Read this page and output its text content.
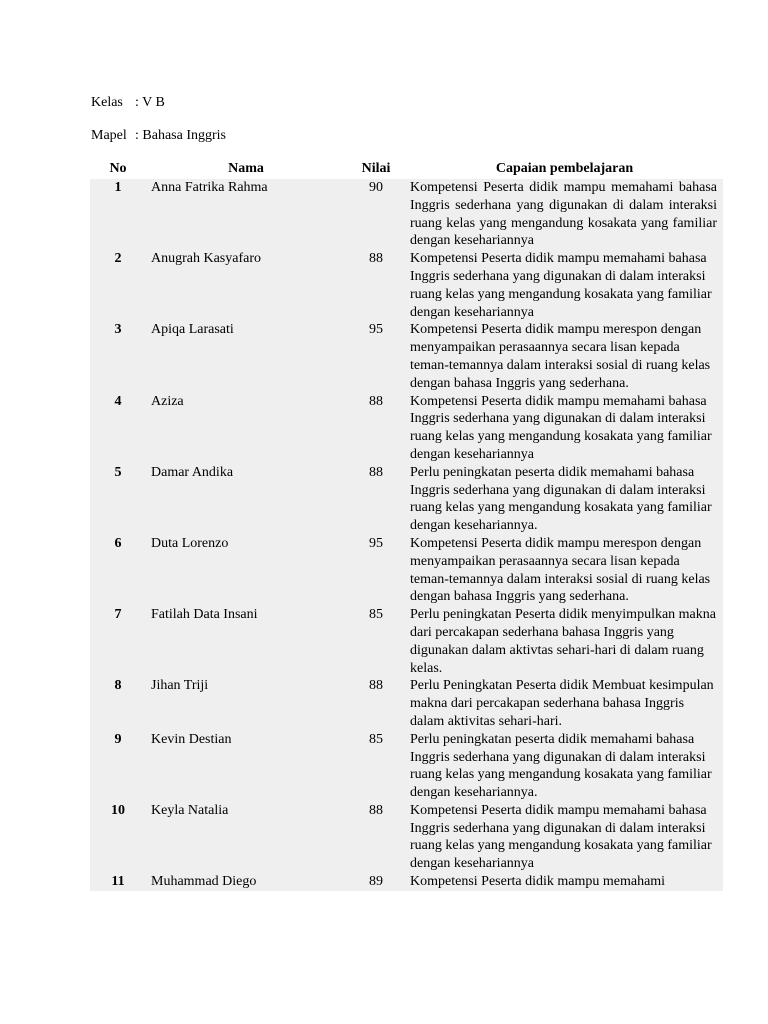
Kelas : V B
Mapel : Bahasa Inggris
No	Nama	Nilai	Capaian pembelajaran
1	Anna Fatrika Rahma	90	Kompetensi Peserta didik mampu memahami bahasa Inggris sederhana yang digunakan di dalam interaksi ruang kelas yang mengandung kosakata yang familiar dengan kesehariannya
2	Anugrah Kasyafaro	88	Kompetensi Peserta didik mampu memahami bahasa Inggris sederhana yang digunakan di dalam interaksi ruang kelas yang mengandung kosakata yang familiar dengan kesehariannya
3	Apiqa Larasati	95	Kompetensi Peserta didik mampu merespon dengan menyampaikan perasaannya secara lisan kepada teman-temannya dalam interaksi sosial di ruang kelas dengan bahasa Inggris yang sederhana.
4	Aziza	88	Kompetensi Peserta didik mampu memahami bahasa Inggris sederhana yang digunakan di dalam interaksi ruang kelas yang mengandung kosakata yang familiar dengan kesehariannya
5	Damar Andika	88	Perlu peningkatan peserta didik memahami bahasa Inggris sederhana yang digunakan di dalam interaksi ruang kelas yang mengandung kosakata yang familiar dengan kesehariannya.
6	Duta Lorenzo	95	Kompetensi Peserta didik mampu merespon dengan menyampaikan perasaannya secara lisan kepada teman-temannya dalam interaksi sosial di ruang kelas dengan bahasa Inggris yang sederhana.
7	Fatilah Data Insani	85	Perlu peningkatan Peserta didik menyimpulkan makna dari percakapan sederhana bahasa Inggris yang digunakan dalam aktivtas sehari-hari di dalam ruang kelas.
8	Jihan Triji	88	Perlu Peningkatan Peserta didik Membuat kesimpulan makna dari percakapan sederhana bahasa Inggris dalam aktivitas sehari-hari.
9	Kevin Destian	85	Perlu peningkatan peserta didik memahami bahasa Inggris sederhana yang digunakan di dalam interaksi ruang kelas yang mengandung kosakata yang familiar dengan kesehariannya.
10	Keyla Natalia	88	Kompetensi Peserta didik mampu memahami bahasa Inggris sederhana yang digunakan di dalam interaksi ruang kelas yang mengandung kosakata yang familiar dengan kesehariannya
11	Muhammad Diego	89	Kompetensi Peserta didik mampu memahami
